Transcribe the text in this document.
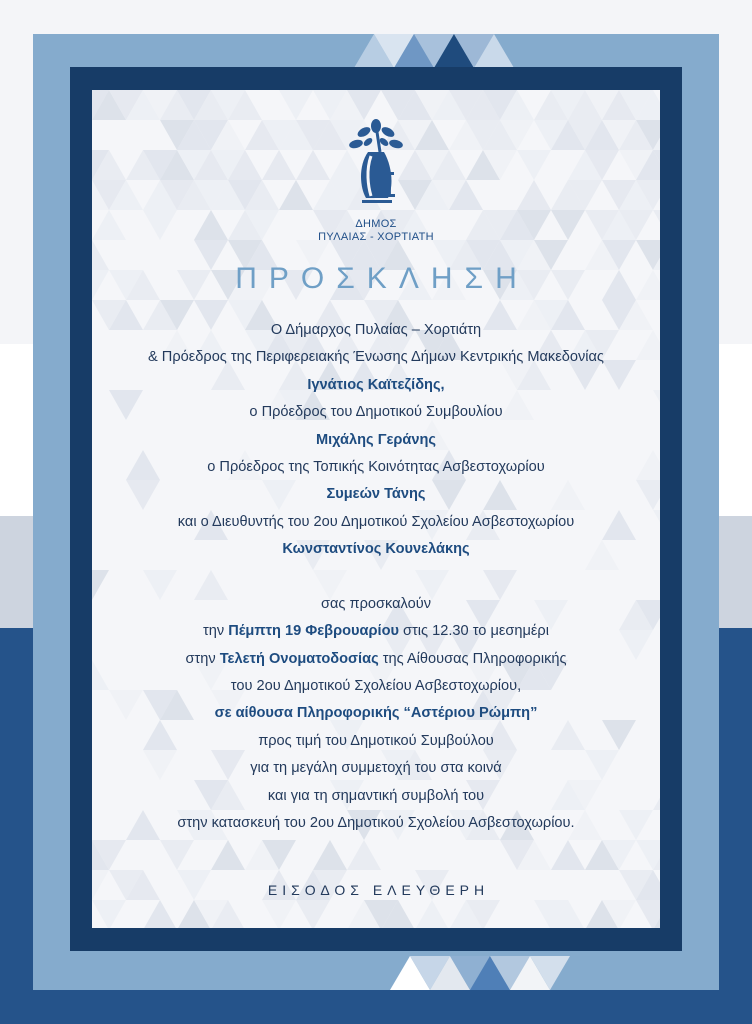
ΔΗΜΟΣ
ΠΥΛΑΙΑΣ - ΧΟΡΤΙΑΤΗ
ΠΡΟΣΚΛΗΣΗ
Ο Δήμαρχος Πυλαίας – Χορτιάτη
& Πρόεδρος της Περιφερειακής Ένωσης Δήμων Κεντρικής Μακεδονίας
Ιγνάτιος Καϊτεζίδης,
ο Πρόεδρος του Δημοτικού Συμβουλίου
Μιχάλης Γεράνης
ο Πρόεδρος της Τοπικής Κοινότητας Ασβεστοχωρίου
Συμεών Τάνης
και ο Διευθυντής του 2ου Δημοτικού Σχολείου Ασβεστοχωρίου
Κωνσταντίνος Κουνελάκης
σας προσκαλούν
την Πέμπτη 19 Φεβρουαρίου στις 12.30 το μεσημέρι
στην Τελετή Ονοματοδοσίας της Αίθουσας Πληροφορικής
του 2ου Δημοτικού Σχολείου Ασβεστοχωρίου,
σε αίθουσα Πληροφορικής “Αστέριου Ρώμπη”
προς τιμή του Δημοτικού Συμβούλου
για τη μεγάλη συμμετοχή του στα κοινά
και για τη σημαντική συμβολή του
στην κατασκευή του 2ου Δημοτικού Σχολείου Ασβεστοχωρίου.
ΕΙΣΟΔΟΣ ΕΛΕΥΘΕΡΗ
